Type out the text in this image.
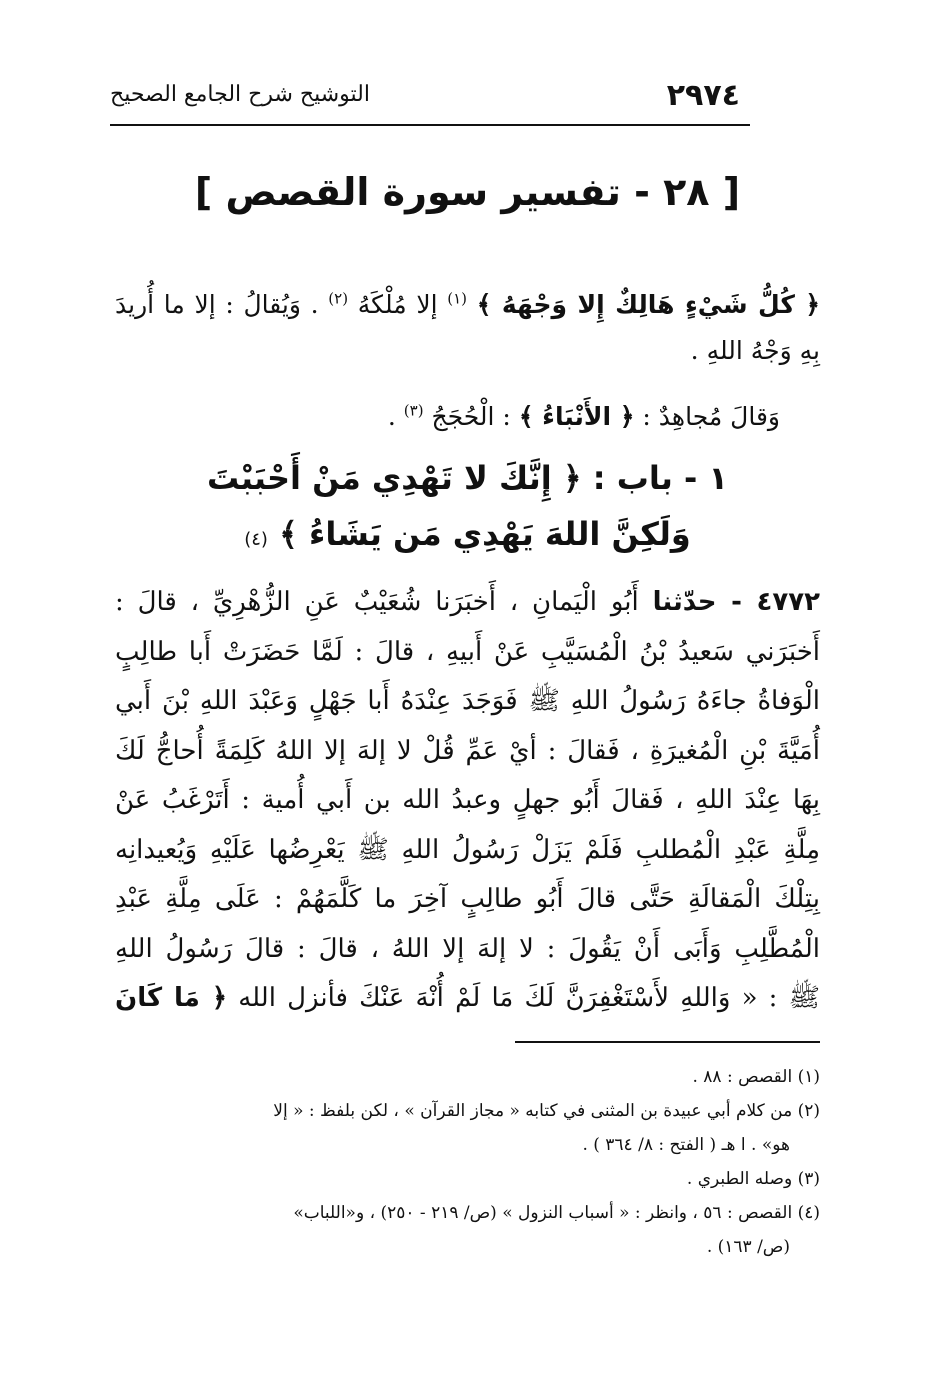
٢٩٧٤
التوشيح شرح الجامع الصحيح
[ ٢٨ - تفسير سورة القصص ]
﴿ كُلُّ شَيْءٍ هَالِكٌ إِلا وَجْهَهُ ﴾ $^{(١)}$ إلا مُلْكَهُ $^{(٢)}$ . وَيُقالُ : إلا ما أُريدَ بِهِ وَجْهُ اللهِ .
وَقالَ مُجاهِدٌ : ﴿ الأَنْبَاءُ ﴾ : الْحُجَجُ $^{(٣)}$ .
١ - باب : ﴿ إِنَّكَ لا تَهْدِي مَنْ أَحْبَبْتَ
وَلَكِنَّ اللهَ يَهْدِي مَن يَشَاءُ ﴾ (٤)
٤٧٧٢ - حدّثنا أَبُو الْيَمانِ ، أَخبَرَنا شُعَيْبٌ عَنِ الزُّهْرِيِّ ، قالَ :
أَخبَرَني سَعيدُ بْنُ الْمُسَيَّبِ عَنْ أَبيهِ ، قالَ : لَمَّا حَضَرَتْ أَبا طالِبٍ
الْوَفاةُ جاءَهُ رَسُولُ اللهِ ﷺ فَوَجَدَ عِنْدَهُ أَبا جَهْلٍ وَعَبْدَ اللهِ بْنَ أَبي
أُمَيَّةَ بْنِ الْمُغيرَةِ ، فَقالَ : أيْ عَمِّ قُلْ لا إلهَ إلا اللهُ كَلِمَةً أُحاجُّ لَكَ
بِهَا عِنْدَ اللهِ ، فَقالَ أَبُو جهلٍ وعبدُ الله بن أَبي أُمية : أَتَرْغَبُ عَنْ
مِلَّةِ عَبْدِ الْمُطلبِ فَلَمْ يَزَلْ رَسُولُ اللهِ ﷺ يَعْرِضُها عَلَيْهِ وَيُعيدانِه
بِتِلْكَ الْمَقالَةِ حَتَّى قالَ أَبُو طالِبٍ آخِرَ ما كَلَّمَهُمْ : عَلَى مِلَّةِ عَبْدِ
الْمُطَّلِبِ وَأَبَى أَنْ يَقُولَ : لا إلهَ إلا اللهُ ، قالَ : قالَ رَسُولُ اللهِ
ﷺ : « وَاللهِ لأَسْتَغْفِرَنَّ لَكَ مَا لَمْ أُنْهَ عَنْكَ فأنزل الله ﴿ مَا كَانَ
(١) القصص : ٨٨ .
(٢) من كلام أبي عبيدة بن المثنى في كتابه « مجاز القرآن » ، لكن بلفظ : « إلا
هو» . ا هـ ( الفتح : ٨/ ٣٦٤ ) .
(٣) وصله الطبري .
(٤) القصص : ٥٦ ، وانظر : « أسباب النزول » (ص/ ٢١٩ - ٢٥٠) ، و«اللباب»
(ص/ ١٦٣) .
